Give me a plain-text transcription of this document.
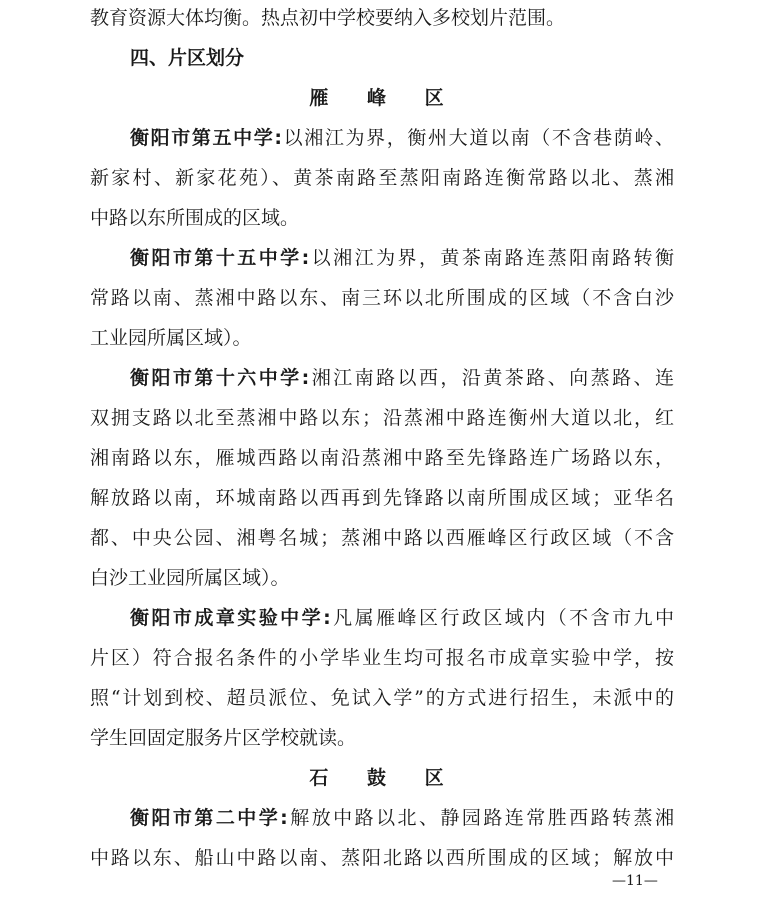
教育资源大体均衡。热点初中学校要纳入多校划片范围。
四、片区划分
雁 峰 区
衡阳市第五中学:以湘江为界，衡州大道以南（不含巷荫岭、
新家村、新家花苑）、黄茶南路至蒸阳南路连衡常路以北、蒸湘
中路以东所围成的区域。
衡阳市第十五中学:以湘江为界，黄茶南路连蒸阳南路转衡
常路以南、蒸湘中路以东、南三环以北所围成的区域（不含白沙
工业园所属区域）。
衡阳市第十六中学:湘江南路以西，沿黄茶路、向蒸路、连
双拥支路以北至蒸湘中路以东；沿蒸湘中路连衡州大道以北，红
湘南路以东，雁城西路以南沿蒸湘中路至先锋路连广场路以东，
解放路以南，环城南路以西再到先锋路以南所围成区域；亚华名
都、中央公园、湘粤名城；蒸湘中路以西雁峰区行政区域（不含
白沙工业园所属区域）。
衡阳市成章实验中学:凡属雁峰区行政区域内（不含市九中
片区）符合报名条件的小学毕业生均可报名市成章实验中学，按
照“计划到校、超员派位、免试入学”的方式进行招生，未派中的
学生回固定服务片区学校就读。
石 鼓 区
衡阳市第二中学:解放中路以北、静园路连常胜西路转蒸湘
中路以东、船山中路以南、蒸阳北路以西所围成的区域；解放中
—11—
